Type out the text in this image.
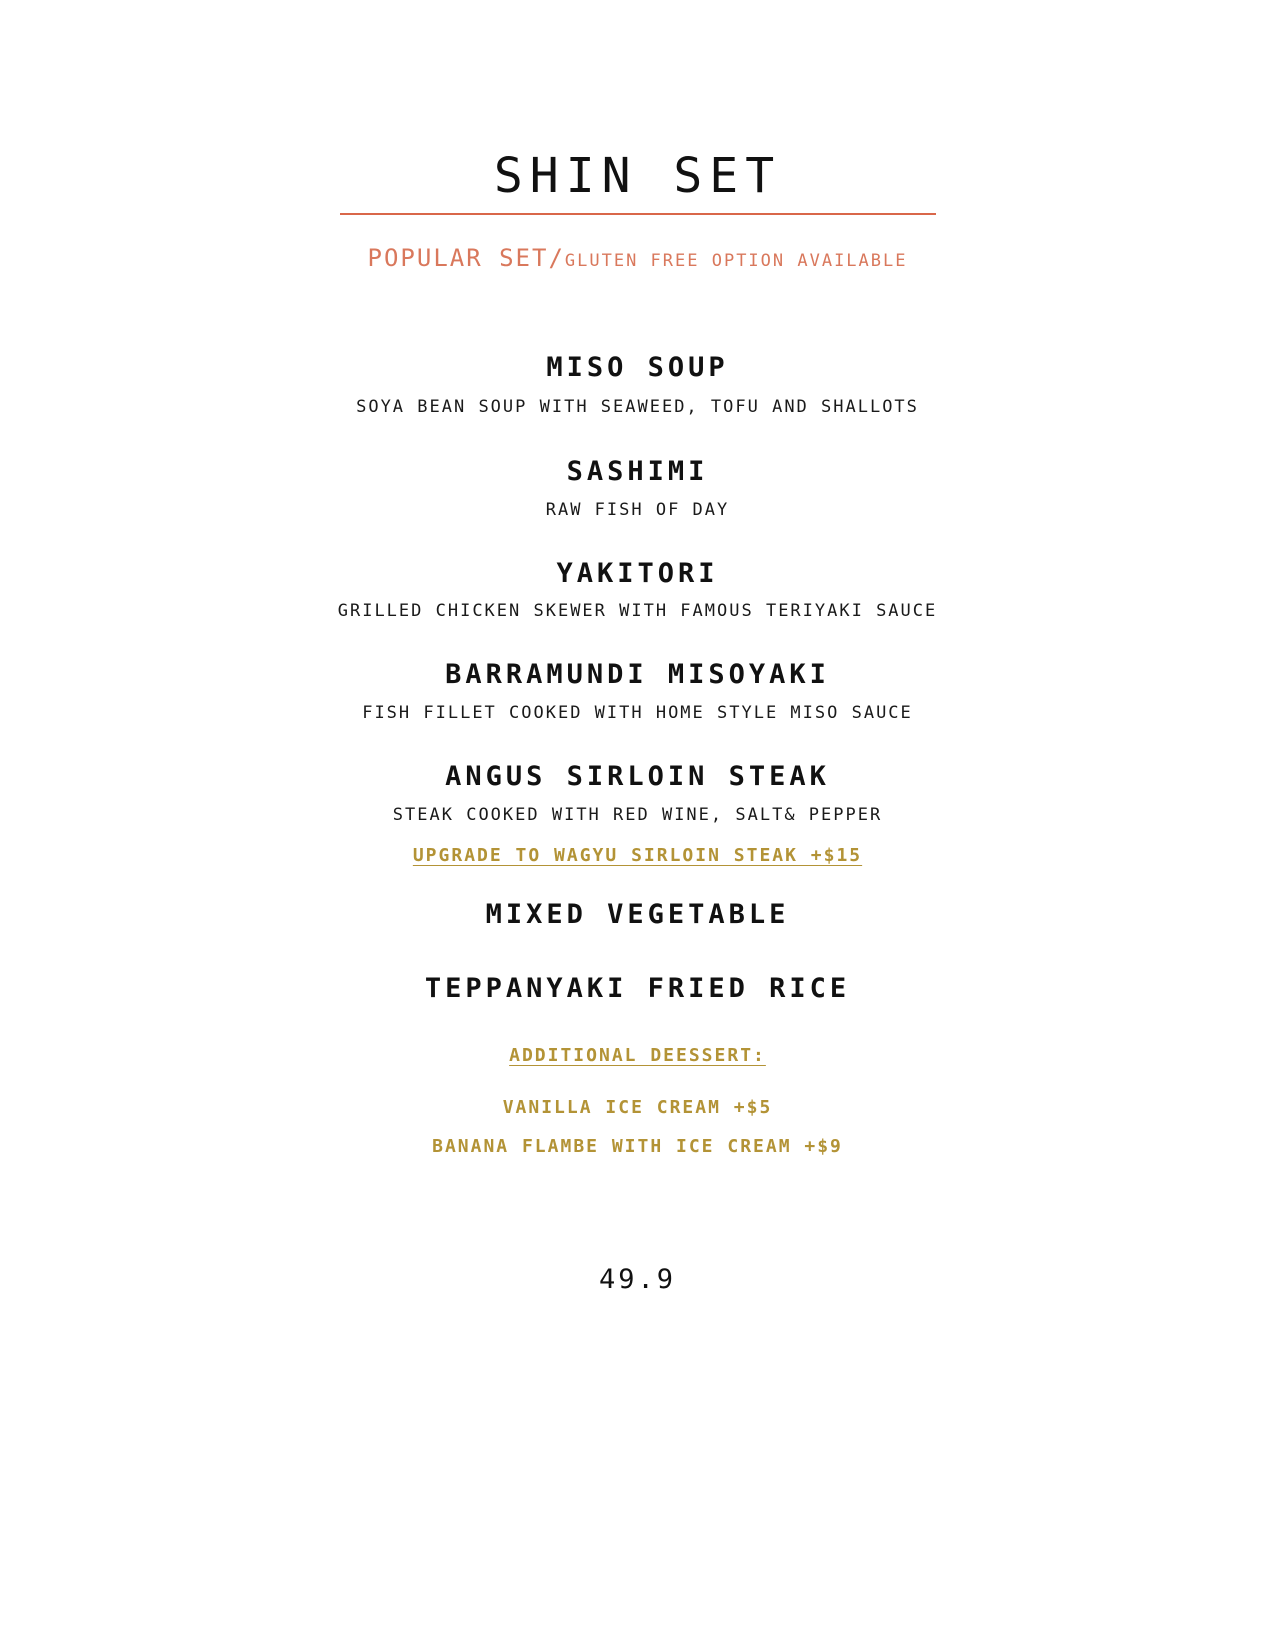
SHIN SET
POPULAR SET/GLUTEN FREE OPTION AVAILABLE
MISO SOUP
SOYA BEAN SOUP WITH SEAWEED, TOFU AND SHALLOTS
SASHIMI
RAW FISH OF DAY
YAKITORI
GRILLED CHICKEN SKEWER WITH FAMOUS TERIYAKI SAUCE
BARRAMUNDI MISOYAKI
FISH FILLET COOKED WITH HOME STYLE MISO SAUCE
ANGUS SIRLOIN STEAK
STEAK COOKED WITH RED WINE, SALT& PEPPER
UPGRADE TO WAGYU SIRLOIN STEAK +$15
MIXED VEGETABLE
TEPPANYAKI FRIED RICE
ADDITIONAL DEESSERT:
VANILLA ICE CREAM +$5
BANANA FLAMBE WITH ICE CREAM +$9
49.9
